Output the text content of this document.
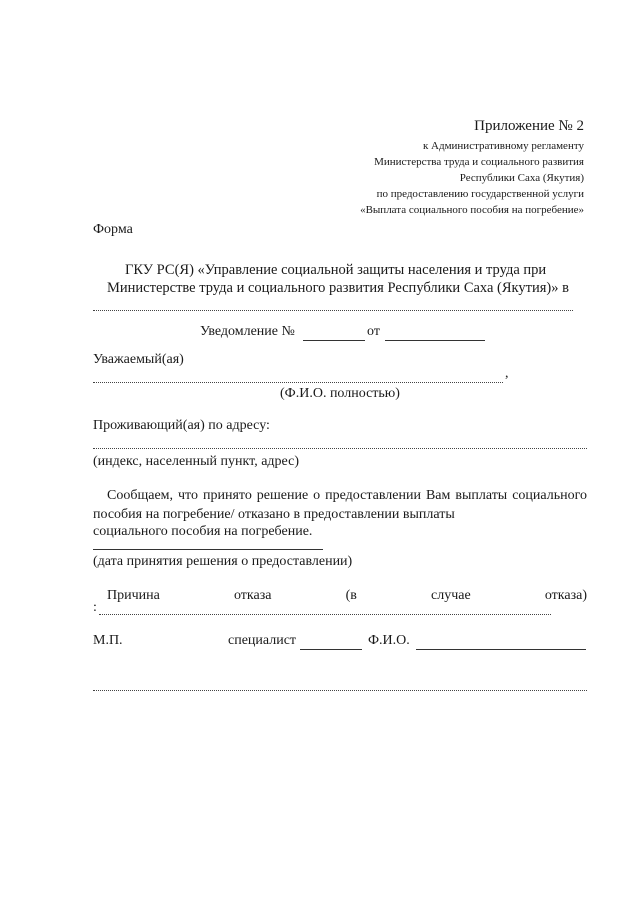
Приложение № 2
к Административному регламенту
Министерства труда и социального развития
Республики Саха (Якутия)
по предоставлению государственной услуги
«Выплата социального пособия на погребение»
Форма
ГКУ РС(Я) «Управление социальной защиты населения и труда при
Министерстве труда и социального развития Республики Саха (Якутия)» в
Уведомление №	от
Уважаемый(ая)
,
(Ф.И.О. полностью)
Проживающий(ая) по адресу:
(индекс, населенный пункт, адрес)
Сообщаем, что принято решение о предоставлении Вам выплаты социального пособия на погребение/ отказано в предоставлении выплаты
социального пособия на погребение.
(дата принятия решения о предоставлении)
Причина	отказа	(в	случае	отказа)
:
М.П.	специалист	Ф.И.О.
